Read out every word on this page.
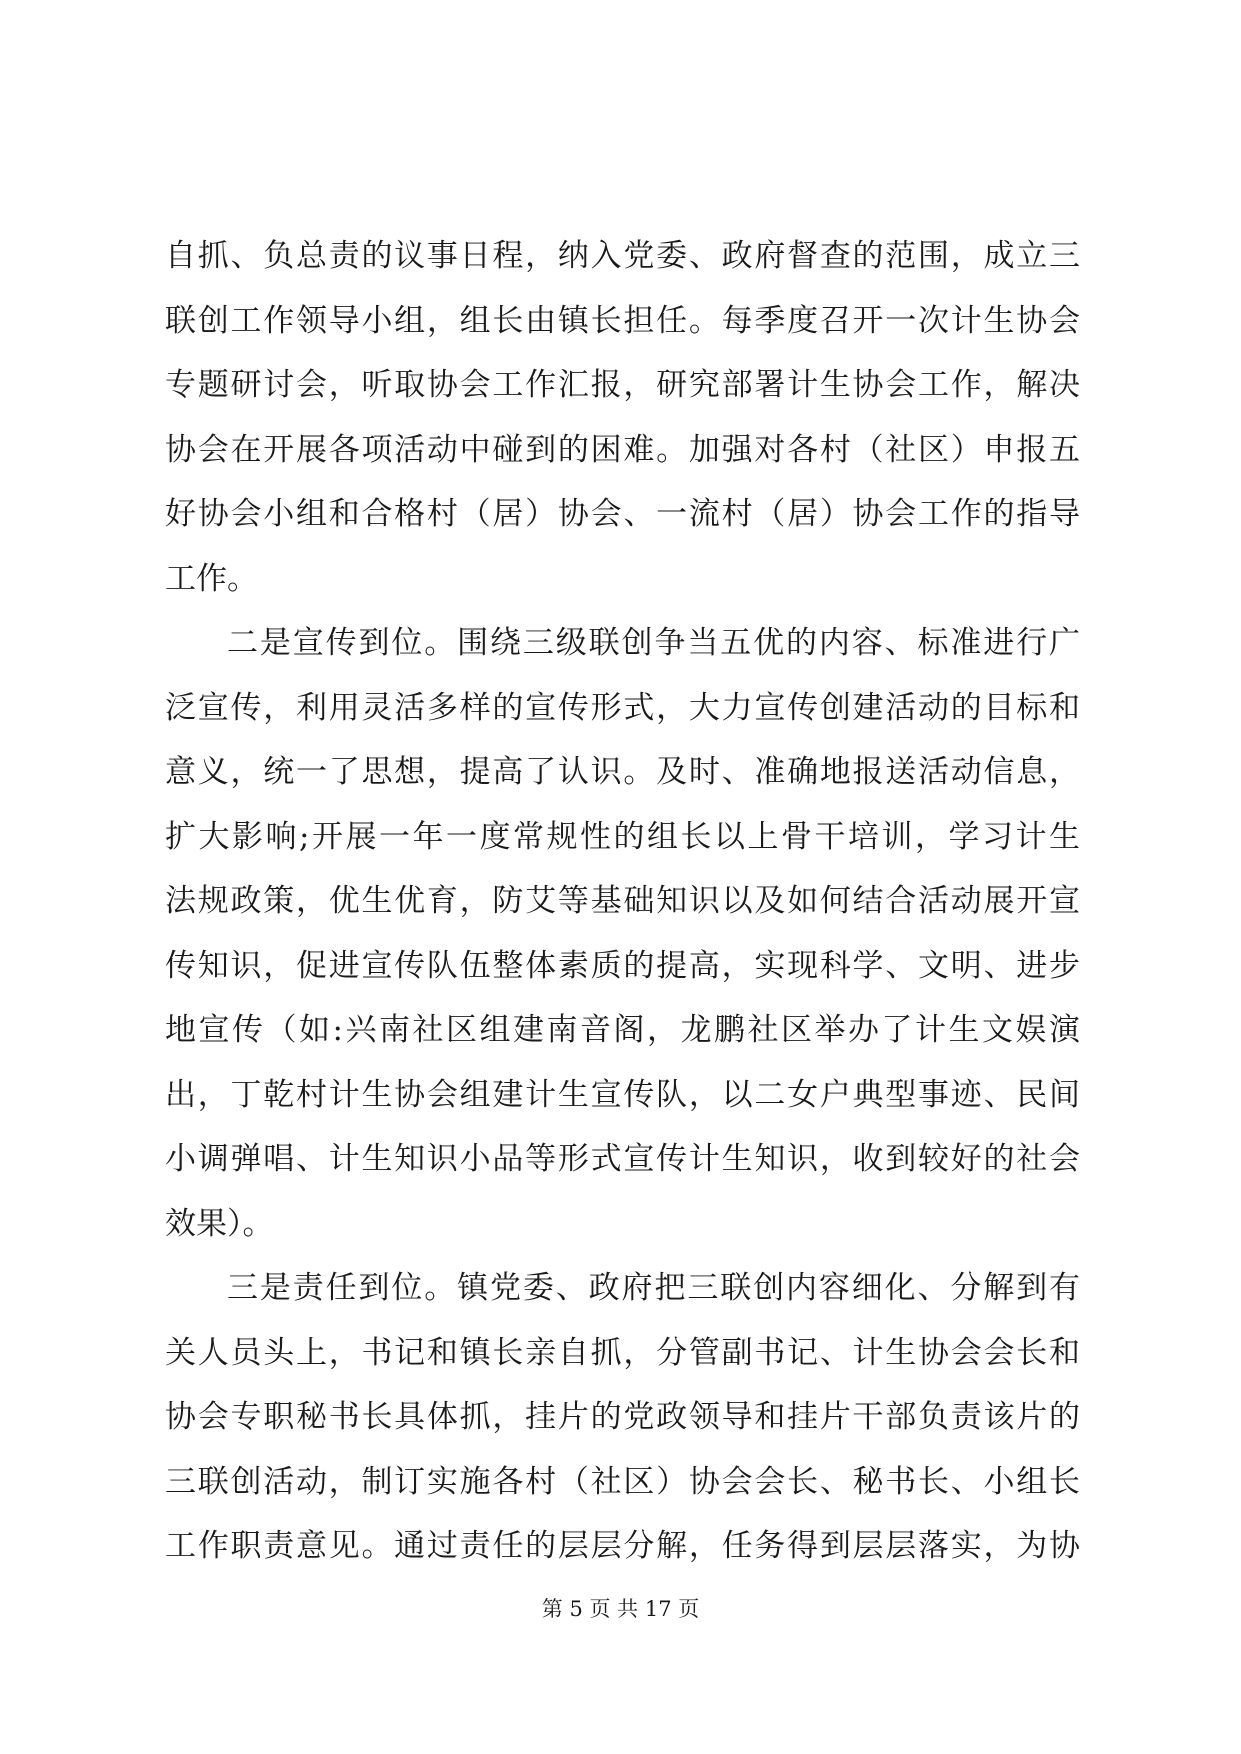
自抓、负总责的议事日程，纳入党委、政府督查的范围，成立三
联创工作领导小组，组长由镇长担任。每季度召开一次计生协会
专题研讨会，听取协会工作汇报，研究部署计生协会工作，解决
协会在开展各项活动中碰到的困难。加强对各村（社区）申报五
好协会小组和合格村（居）协会、一流村（居）协会工作的指导
工作。
二是宣传到位。围绕三级联创争当五优的内容、标准进行广
泛宣传，利用灵活多样的宣传形式，大力宣传创建活动的目标和
意义，统一了思想，提高了认识。及时、准确地报送活动信息，
扩大影响;开展一年一度常规性的组长以上骨干培训，学习计生
法规政策，优生优育，防艾等基础知识以及如何结合活动展开宣
传知识，促进宣传队伍整体素质的提高，实现科学、文明、进步
地宣传（如:兴南社区组建南音阁，龙鹏社区举办了计生文娱演
出，丁乾村计生协会组建计生宣传队，以二女户典型事迹、民间
小调弹唱、计生知识小品等形式宣传计生知识，收到较好的社会
效果）。
三是责任到位。镇党委、政府把三联创内容细化、分解到有
关人员头上，书记和镇长亲自抓，分管副书记、计生协会会长和
协会专职秘书长具体抓，挂片的党政领导和挂片干部负责该片的
三联创活动，制订实施各村（社区）协会会长、秘书长、小组长
工作职责意见。通过责任的层层分解，任务得到层层落实，为协
第 5 页 共 17 页
